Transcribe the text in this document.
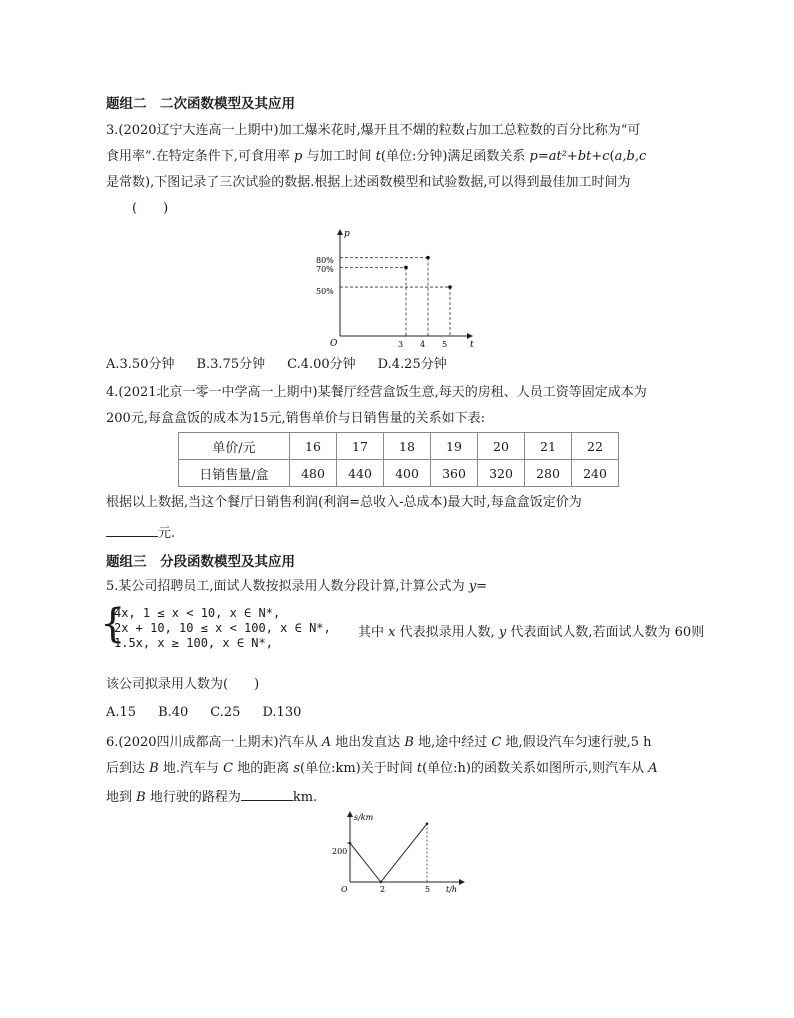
题组二　二次函数模型及其应用
3.(2020辽宁大连高一上期中)加工爆米花时,爆开且不煳的粒数占加工总粒数的百分比称为“可
食用率”.在特定条件下,可食用率 p 与加工时间 t(单位:分钟)满足函数关系 p=at²+bt+c(a,b,c
是常数),下图记录了三次试验的数据.根据上述函数模型和试验数据,可以得到最佳加工时间为
(　　)
p
t
O
80%
70%
50%
3 4 5
A.3.50分钟 B.3.75分钟 C.4.00分钟 D.4.25分钟
4.(2021北京一零一中学高一上期中)某餐厅经营盒饭生意,每天的房租、人员工资等固定成本为
200元,每盒盒饭的成本为15元,销售单价与日销售量的关系如下表:
单价/元	16	17	18	19	20	21	22
日销售量/盒	480	440	400	360	320	280	240
根据以上数据,当这个餐厅日销售利润(利润=总收入-总成本)最大时,每盒盒饭定价为
元.
题组三　分段函数模型及其应用
5.某公司招聘员工,面试人数按拟录用人数分段计算,计算公式为 y=
{
4x, 1 ≤ x < 10, x ∈ N*,
2x + 10, 10 ≤ x < 100, x ∈ N*,
1.5x, x ≥ 100, x ∈ N*,
其中 x 代表拟录用人数, y 代表面试人数,若面试人数为 60则
该公司拟录用人数为(　　)
A.15 B.40 C.25 D.130
6.(2020四川成都高一上期末)汽车从 A 地出发直达 B 地,途中经过 C 地,假设汽车匀速行驶,5 h
后到达 B 地.汽车与 C 地的距离 s(单位:km)关于时间 t(单位:h)的函数关系如图所示,则汽车从 A
地到 B 地行驶的路程为	km.
s/km
t/h
O
200
2	5
